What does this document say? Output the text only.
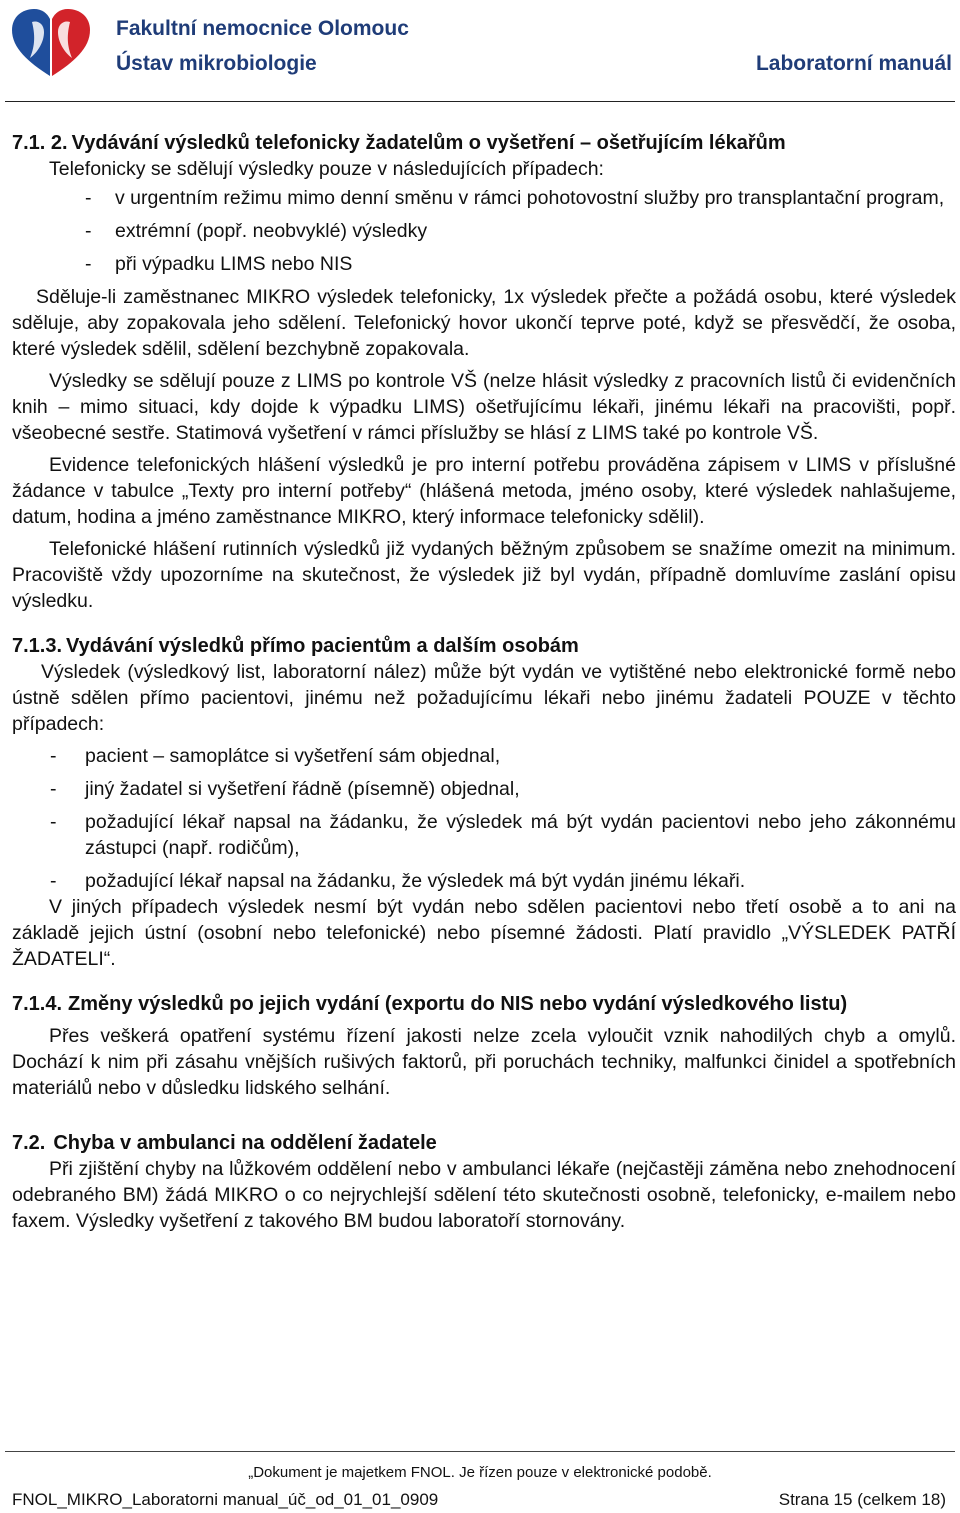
Fakultní nemocnice Olomouc
Ústav mikrobiologie	Laboratorní manuál
7.1. 2. Vydávání výsledků telefonicky žadatelům o vyšetření – ošetřujícím lékařům

Telefonicky se sdělují výsledky pouze v následujících případech:

-	v urgentním režimu mimo denní směnu v rámci pohotovostní služby pro transplantační program,
-	extrémní (popř. neobvyklé) výsledky
-	při výpadku LIMS nebo NIS

Sděluje-li zaměstnanec MIKRO výsledek telefonicky, 1x výsledek přečte a požádá osobu, které výsledek sděluje, aby zopakovala jeho sdělení. Telefonický hovor ukončí teprve poté, když se přesvědčí, že osoba, které výsledek sdělil, sdělení bezchybně zopakovala.

Výsledky se sdělují pouze z LIMS po kontrole VŠ (nelze hlásit výsledky z pracovních listů či evidenčních knih – mimo situaci, kdy dojde k výpadku LIMS) ošetřujícímu lékaři, jinému lékaři na pracovišti, popř. všeobecné sestře. Statimová vyšetření v rámci příslužby se hlásí z LIMS také po kontrole VŠ.

Evidence telefonických hlášení výsledků je pro interní potřebu prováděna zápisem v LIMS v příslušné žádance v tabulce „Texty pro interní potřeby“ (hlášená metoda, jméno osoby, které výsledek nahlašujeme, datum, hodina a jméno zaměstnance MIKRO, který informace telefonicky sdělil).

Telefonické hlášení rutinních výsledků již vydaných běžným způsobem se snažíme omezit na minimum. Pracoviště vždy upozorníme na skutečnost, že výsledek již byl vydán, případně domluvíme zaslání opisu výsledku.

7.1.3. Vydávání výsledků přímo pacientům a dalším osobám

Výsledek (výsledkový list, laboratorní nález) může být vydán ve vytištěné nebo elektronické formě nebo ústně sdělen přímo pacientovi, jinému než požadujícímu lékaři nebo jinému žadateli POUZE v těchto případech:

-	pacient – samoplátce si vyšetření sám objednal,
-	jiný žadatel si vyšetření řádně (písemně) objednal,
-	požadující lékař napsal na žádanku, že výsledek má být vydán pacientovi nebo jeho zákonnému zástupci (např. rodičům),
-	požadující lékař napsal na žádanku, že výsledek má být vydán jinému lékaři.

V jiných případech výsledek nesmí být vydán nebo sdělen pacientovi nebo třetí osobě a to ani na základě jejich ústní (osobní nebo telefonické) nebo písemné žádosti. Platí pravidlo „VÝSLEDEK PATŘÍ ŽADATELI“.

7.1.4. Změny výsledků po jejich vydání (exportu do NIS nebo vydání výsledkového listu)

Přes veškerá opatření systému řízení jakosti nelze zcela vyloučit vznik nahodilých chyb a omylů. Dochází k nim při zásahu vnějších rušivých faktorů, při poruchách techniky, malfunkci činidel a spotřebních materiálů nebo v důsledku lidského selhání.

7.2. Chyba v ambulanci na oddělení žadatele

Při zjištění chyby na lůžkovém oddělení nebo v ambulanci lékaře (nejčastěji záměna nebo znehodnocení odebraného BM) žádá MIKRO o co nejrychlejší sdělení této skutečnosti osobně, telefonicky, e-mailem nebo faxem. Výsledky vyšetření z takového BM budou laboratoří stornovány.

„Dokument je majetkem FNOL. Je řízen pouze v elektronické podobě.
FNOL_MIKRO_Laboratorni manual_úč_od_01_01_0909	Strana 15 (celkem 18)
